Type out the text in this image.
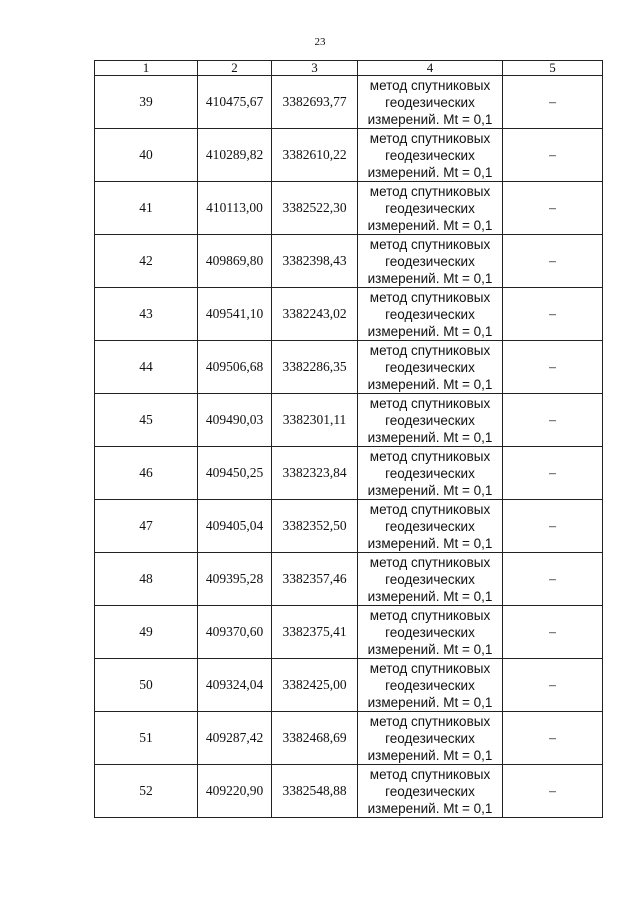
23
1	2	3	4	5
39	410475,67	3382693,77	метод спутниковых
геодезических
измерений. Mt = 0,1	–
40	410289,82	3382610,22	метод спутниковых
геодезических
измерений. Mt = 0,1	–
41	410113,00	3382522,30	метод спутниковых
геодезических
измерений. Mt = 0,1	–
42	409869,80	3382398,43	метод спутниковых
геодезических
измерений. Mt = 0,1	–
43	409541,10	3382243,02	метод спутниковых
геодезических
измерений. Mt = 0,1	–
44	409506,68	3382286,35	метод спутниковых
геодезических
измерений. Mt = 0,1	–
45	409490,03	3382301,11	метод спутниковых
геодезических
измерений. Mt = 0,1	–
46	409450,25	3382323,84	метод спутниковых
геодезических
измерений. Mt = 0,1	–
47	409405,04	3382352,50	метод спутниковых
геодезических
измерений. Mt = 0,1	–
48	409395,28	3382357,46	метод спутниковых
геодезических
измерений. Mt = 0,1	–
49	409370,60	3382375,41	метод спутниковых
геодезических
измерений. Mt = 0,1	–
50	409324,04	3382425,00	метод спутниковых
геодезических
измерений. Mt = 0,1	–
51	409287,42	3382468,69	метод спутниковых
геодезических
измерений. Mt = 0,1	–
52	409220,90	3382548,88	метод спутниковых
геодезических
измерений. Mt = 0,1	–
